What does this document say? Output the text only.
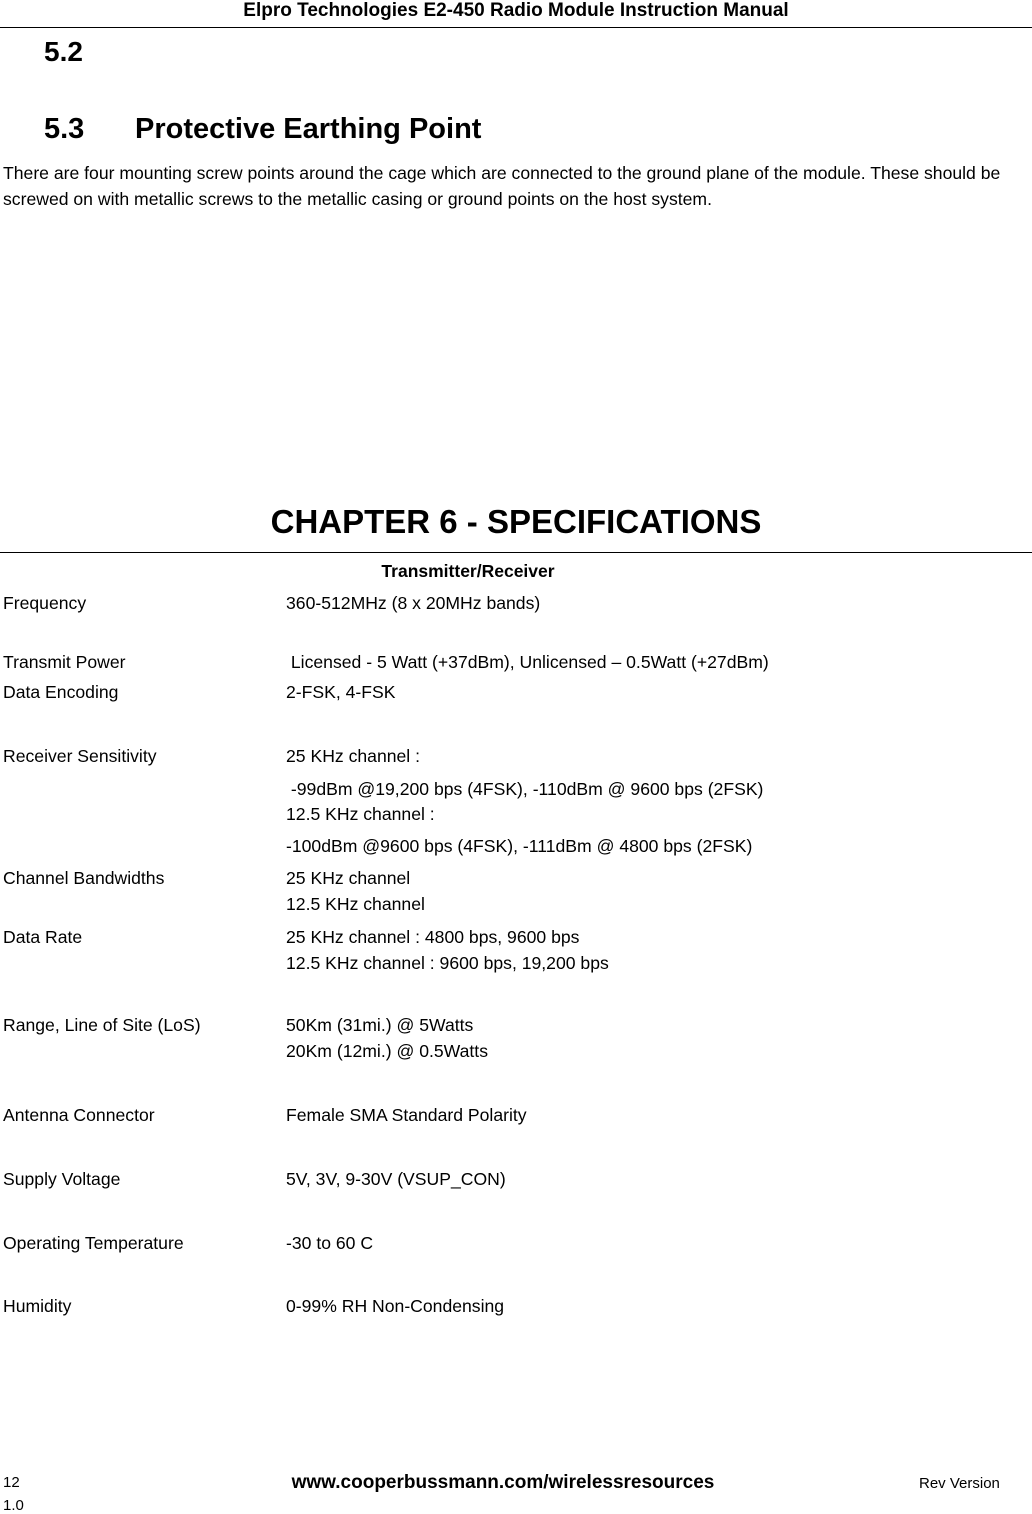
Elpro Technologies E2-450 Radio Module Instruction Manual
5.2
5.3 Protective Earthing Point
There are four mounting screw points around the cage which are connected to the ground plane of the module. These should be screwed on with metallic screws to the metallic casing or ground points on the host system.
CHAPTER 6 - SPECIFICATIONS
Transmitter/Receiver
Frequency	360-512MHz (8 x 20MHz bands)
Transmit Power	Licensed - 5 Watt (+37dBm), Unlicensed – 0.5Watt (+27dBm)
Data Encoding	2-FSK, 4-FSK
Receiver Sensitivity	25 KHz channel :
-99dBm @19,200 bps (4FSK), -110dBm @ 9600 bps (2FSK)
12.5 KHz channel :
-100dBm @9600 bps (4FSK), -111dBm @ 4800 bps (2FSK)
Channel Bandwidths	25 KHz channel
12.5 KHz channel
Data Rate	25 KHz channel : 4800 bps, 9600 bps
12.5 KHz channel : 9600 bps, 19,200 bps
Range, Line of Site (LoS)	50Km (31mi.) @ 5Watts
20Km (12mi.) @ 0.5Watts
Antenna Connector	Female SMA Standard Polarity
Supply Voltage	5V, 3V, 9-30V (VSUP_CON)
Operating Temperature	-30 to 60 C
Humidity	0-99% RH Non-Condensing
12	www.cooperbussmann.com/wirelessresources	Rev Version
1.0
